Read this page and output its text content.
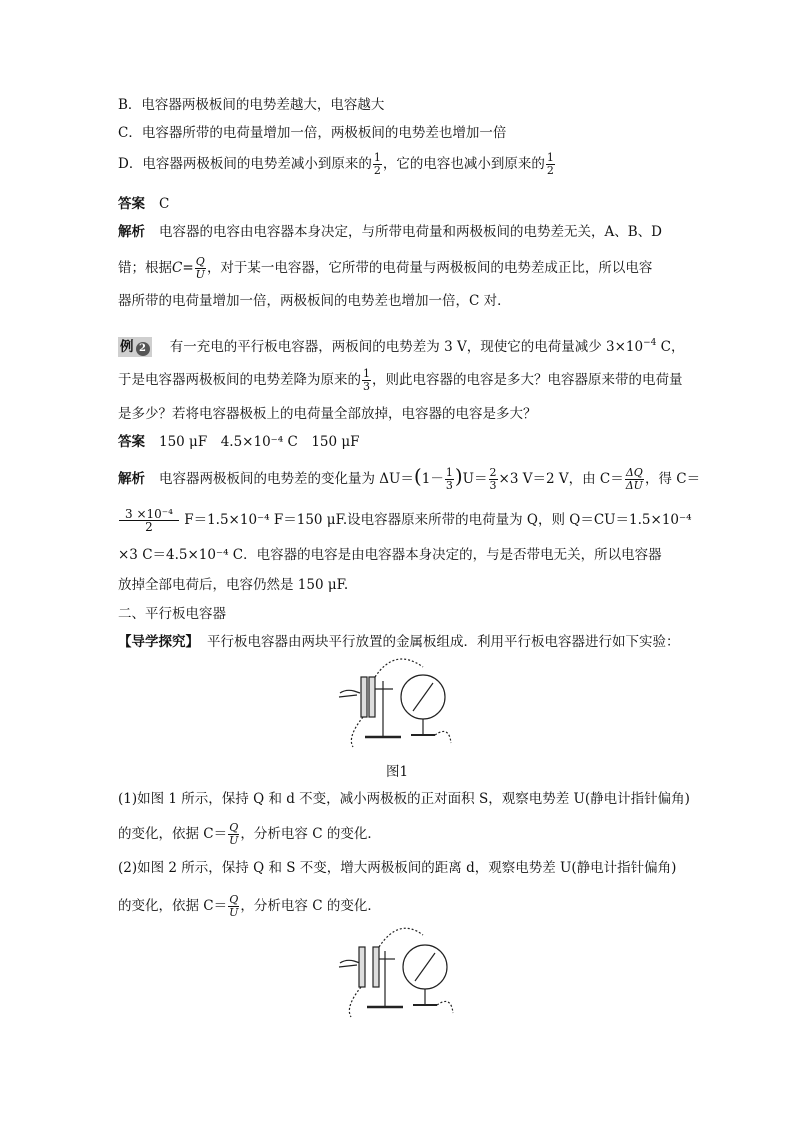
B．电容器两极板间的电势差越大，电容越大
C．电容器所带的电荷量增加一倍，两极板间的电势差也增加一倍
D．电容器两极板间的电势差减小到原来的 $\frac{1}{2}$ ，它的电容也减小到原来的 $\frac{1}{2}$
答案 C
解析 电容器的电容由电容器本身决定，与所带电荷量和两极板间的电势差无关，A、B、D
错；根据$C= \frac{Q}{U}$ ，对于某一电容器，它所带的电荷量与两极板间的电势差成正比，所以电容
器所带的电荷量增加一倍，两极板间的电势差也增加一倍，C 对．
例 2 有一充电的平行板电容器，两板间的电势差为 3 V，现使它的电荷量减少 $3\times 10^{-4}$ C，
于是电容器两极板间的电势差降为原来的 $\frac{1}{3}$ ，则此电容器的电容是多大？电容器原来带的电荷量
是多少？若将电容器极板上的电荷量全部放掉，电容器的电容是多大？
答案 150 μF　4.5×10⁻⁴ C　150 μF
解析 电容器两极板间的电势差的变化量为 $\Delta U=(1- \frac{1}{3} )U= \frac{2}{3} \times 3$ V＝2 V，由 $C= \frac{\Delta Q}{\Delta U}$ ，得 C＝
$\frac{\text{3 ×10⁻⁴}}{2} F=1.5\times 10^{-4}$ F＝150 μF.设电容器原来所带的电荷量为 Q，则 Q＝CU＝1.5×10⁻⁴
×3 C＝4.5×10⁻⁴ C．电容器的电容是由电容器本身决定的，与是否带电无关，所以电容器
放掉全部电荷后，电容仍然是 150 μF.
二、平行板电容器
【导学探究】 平行板电容器由两块平行放置的金属板组成．利用平行板电容器进行如下实验：
图1
(1)如图 1 所示，保持 Q 和 d 不变，减小两极板的正对面积 S，观察电势差 U(静电计指针偏角)
的变化，依据 $C= \frac{Q}{U}$ ，分析电容 C 的变化．
(2)如图 2 所示，保持 Q 和 S 不变，增大两极板间的距离 d，观察电势差 U(静电计指针偏角)
的变化，依据 $C= \frac{Q}{U}$ ，分析电容 C 的变化．
